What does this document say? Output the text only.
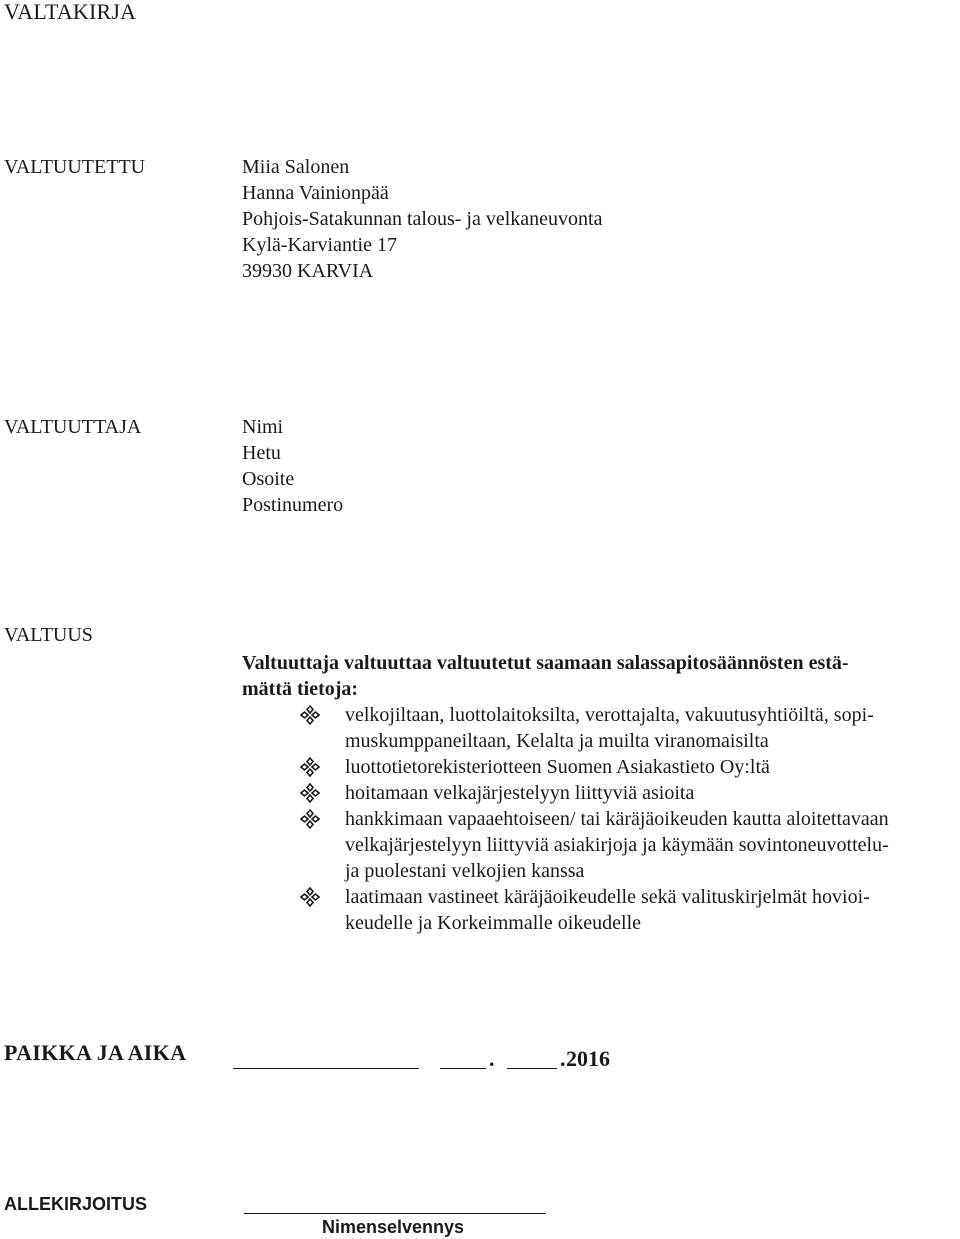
VALTAKIRJA
VALTUUTETTU	Miia Salonen
Hanna Vainionpää
Pohjois-Satakunnan talous- ja velkaneuvonta
Kylä-Karviantie 17
39930 KARVIA
VALTUUTTAJA	Nimi
Hetu
Osoite
Postinumero
VALTUUS
Valtuuttaja valtuuttaa valtuutetut saamaan salassapitosäännösten estä-
mättä tietoja:
velkojiltaan, luottolaitoksilta, verottajalta, vakuutusyhtiöiltä, sopi-
muskumppaneiltaan, Kelalta ja muilta viranomaisilta
luottotietorekisteriotteen Suomen Asiakastieto Oy:ltä
hoitamaan velkajärjestelyyn liittyviä asioita
hankkimaan vapaaehtoiseen/ tai käräjäoikeuden kautta aloitettavaan
velkajärjestelyyn liittyviä asiakirjoja ja käymään sovintoneuvottelu-
ja puolestani velkojien kanssa
laatimaan vastineet käräjäoikeudelle sekä valituskirjelmät hovioi-
keudelle ja Korkeimmalle oikeudelle
PAIKKA JA AIKA	.	. 2016
ALLEKIRJOITUS
Nimenselvennys
